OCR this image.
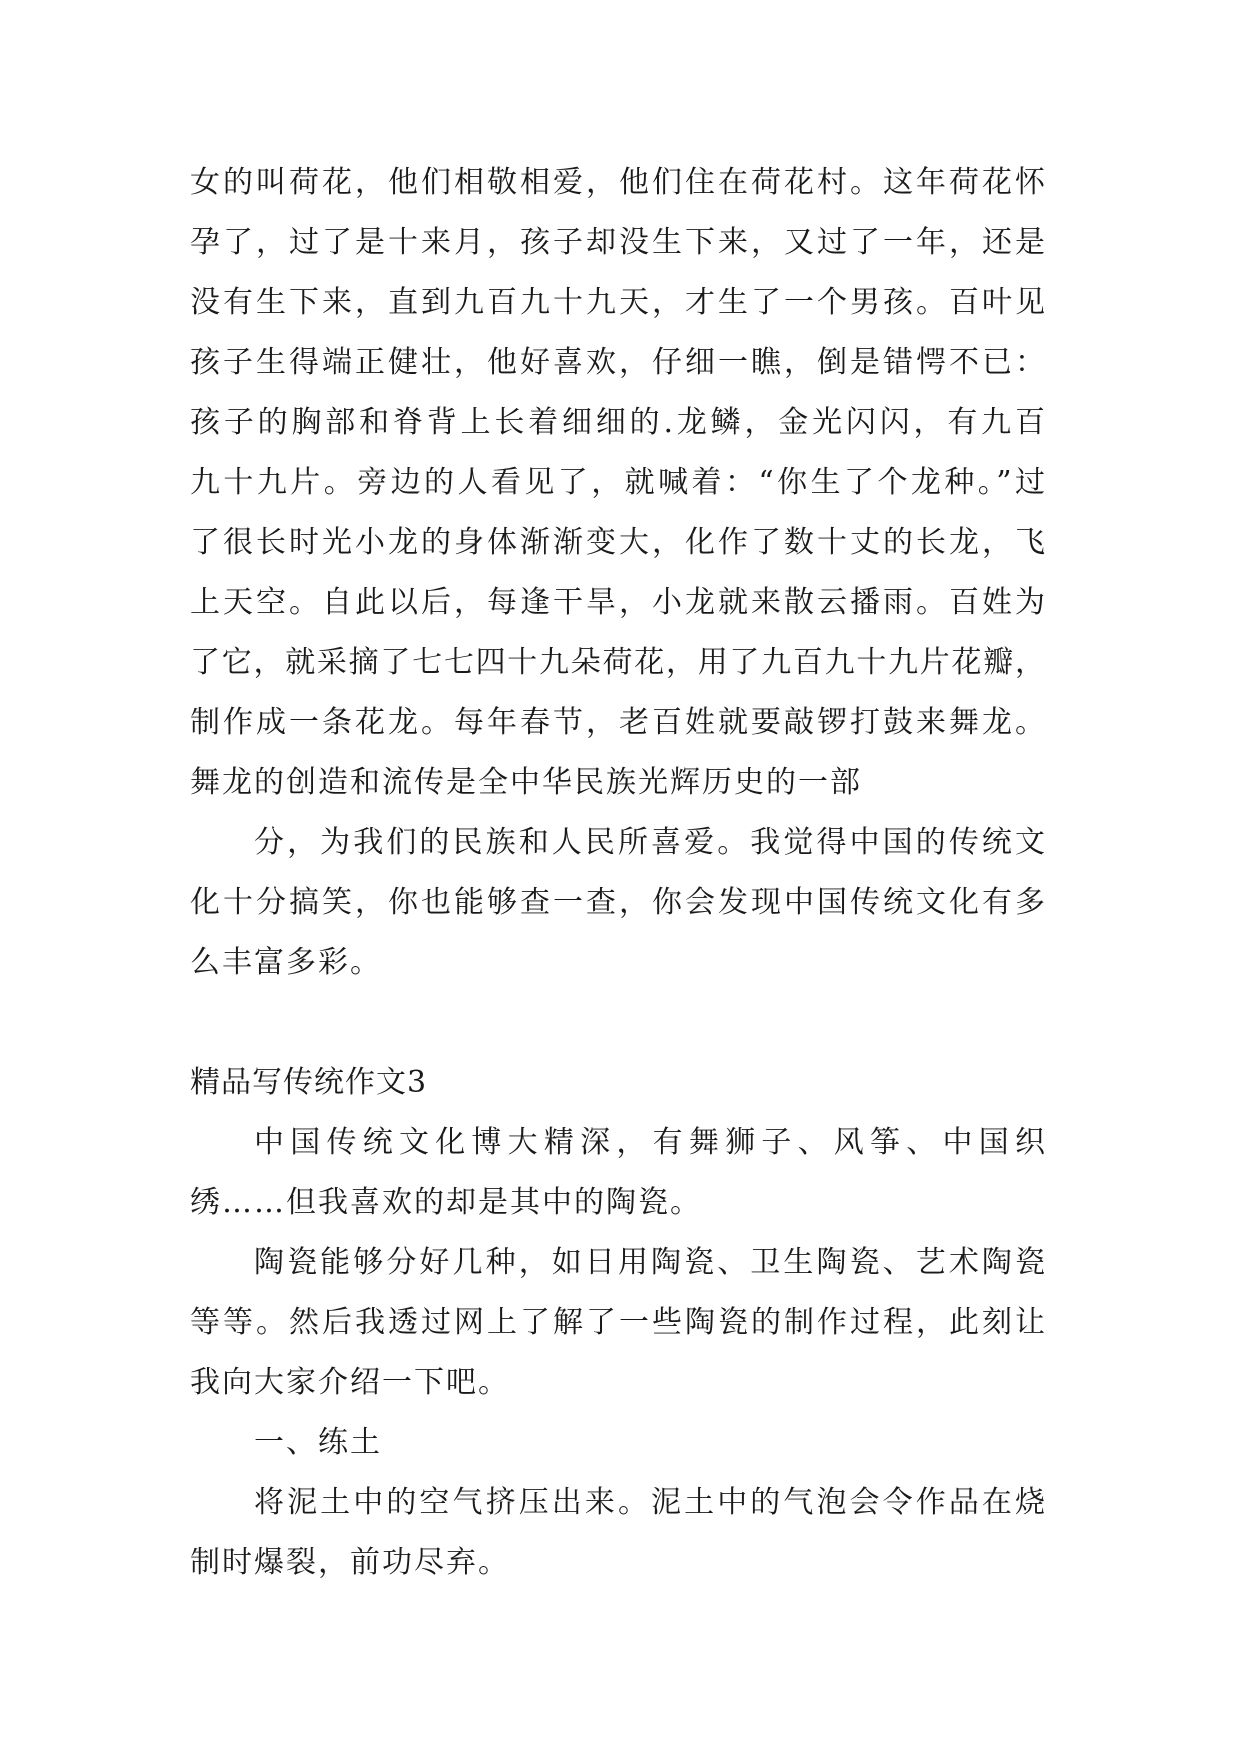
女的叫荷花，他们相敬相爱，他们住在荷花村。这年荷花怀
孕了，过了是十来月，孩子却没生下来，又过了一年，还是
没有生下来，直到九百九十九天，才生了一个男孩。百叶见
孩子生得端正健壮，他好喜欢，仔细一瞧，倒是错愕不已：
孩子的胸部和脊背上长着细细的.龙鳞，金光闪闪，有九百
九十九片。旁边的人看见了，就喊着：“你生了个龙种。”过
了很长时光小龙的身体渐渐变大，化作了数十丈的长龙，飞
上天空。自此以后，每逢干旱，小龙就来散云播雨。百姓为
了它，就采摘了七七四十九朵荷花，用了九百九十九片花瓣，
制作成一条花龙。每年春节，老百姓就要敲锣打鼓来舞龙。
舞龙的创造和流传是全中华民族光辉历史的一部
分，为我们的民族和人民所喜爱。我觉得中国的传统文
化十分搞笑，你也能够查一查，你会发现中国传统文化有多
么丰富多彩。
精品写传统作文3
中国传统文化博大精深，有舞狮子、风筝、中国织
绣……但我喜欢的却是其中的陶瓷。
陶瓷能够分好几种，如日用陶瓷、卫生陶瓷、艺术陶瓷
等等。然后我透过网上了解了一些陶瓷的制作过程，此刻让
我向大家介绍一下吧。
一、练土
将泥土中的空气挤压出来。泥土中的气泡会令作品在烧
制时爆裂，前功尽弃。
